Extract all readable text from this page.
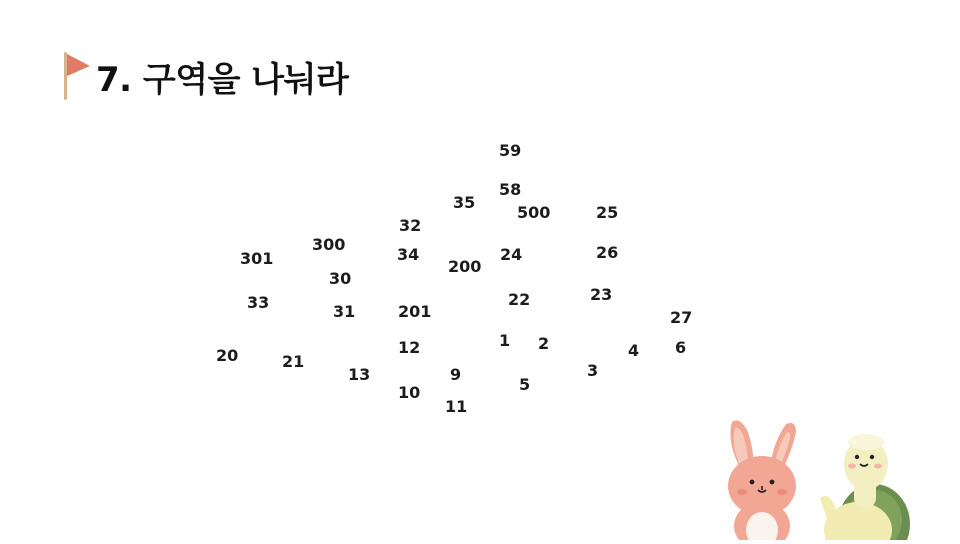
7. 구역을 나눠라
59
58
35
500	25
32
300
34	24	26
301	200
30
23
33	31	201
22
27
1 2
12
20	21
4 6
13	9	3
5
10
11
